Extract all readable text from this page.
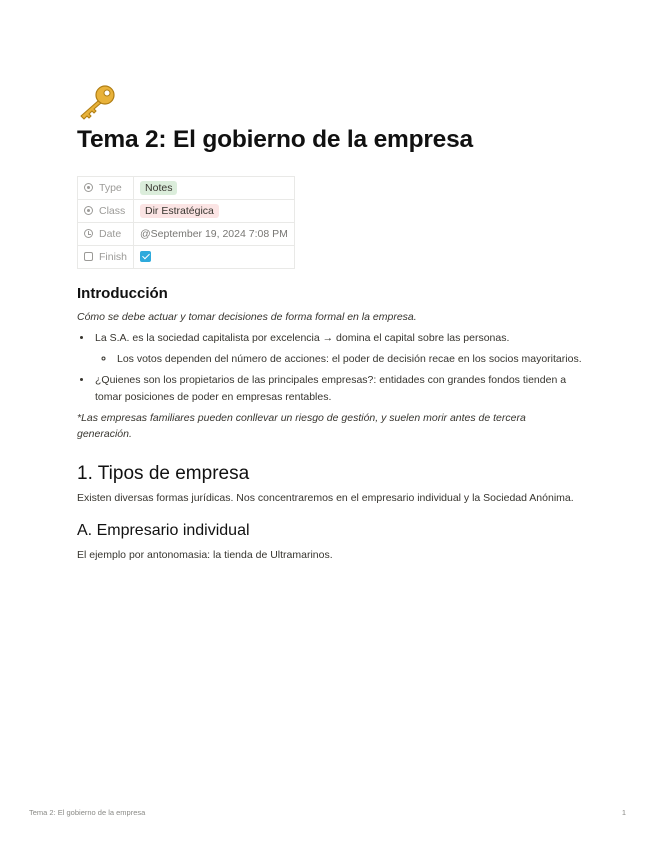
Tema 2: El gobierno de la empresa
Type	Notes
Class	Dir Estratégica
Date	@September 19, 2024 7:08 PM
Finish	
Introducción

Cómo se debe actuar y tomar decisiones de forma formal en la empresa.

• La S.A. es la sociedad capitalista por excelencia → domina el capital sobre las personas.
◦ Los votos dependen del número de acciones: el poder de decisión recae en los socios mayoritarios.
• ¿Quienes son los propietarios de las principales empresas?: entidades con grandes fondos tienden a tomar posiciones de poder en empresas rentables.

*Las empresas familiares pueden conllevar un riesgo de gestión, y suelen morir antes de tercera generación.

1. Tipos de empresa

Existen diversas formas jurídicas. Nos concentraremos en el empresario individual y la Sociedad Anónima.

A. Empresario individual

El ejemplo por antonomasia: la tienda de Ultramarinos.

Tema 2: El gobierno de la empresa	1
